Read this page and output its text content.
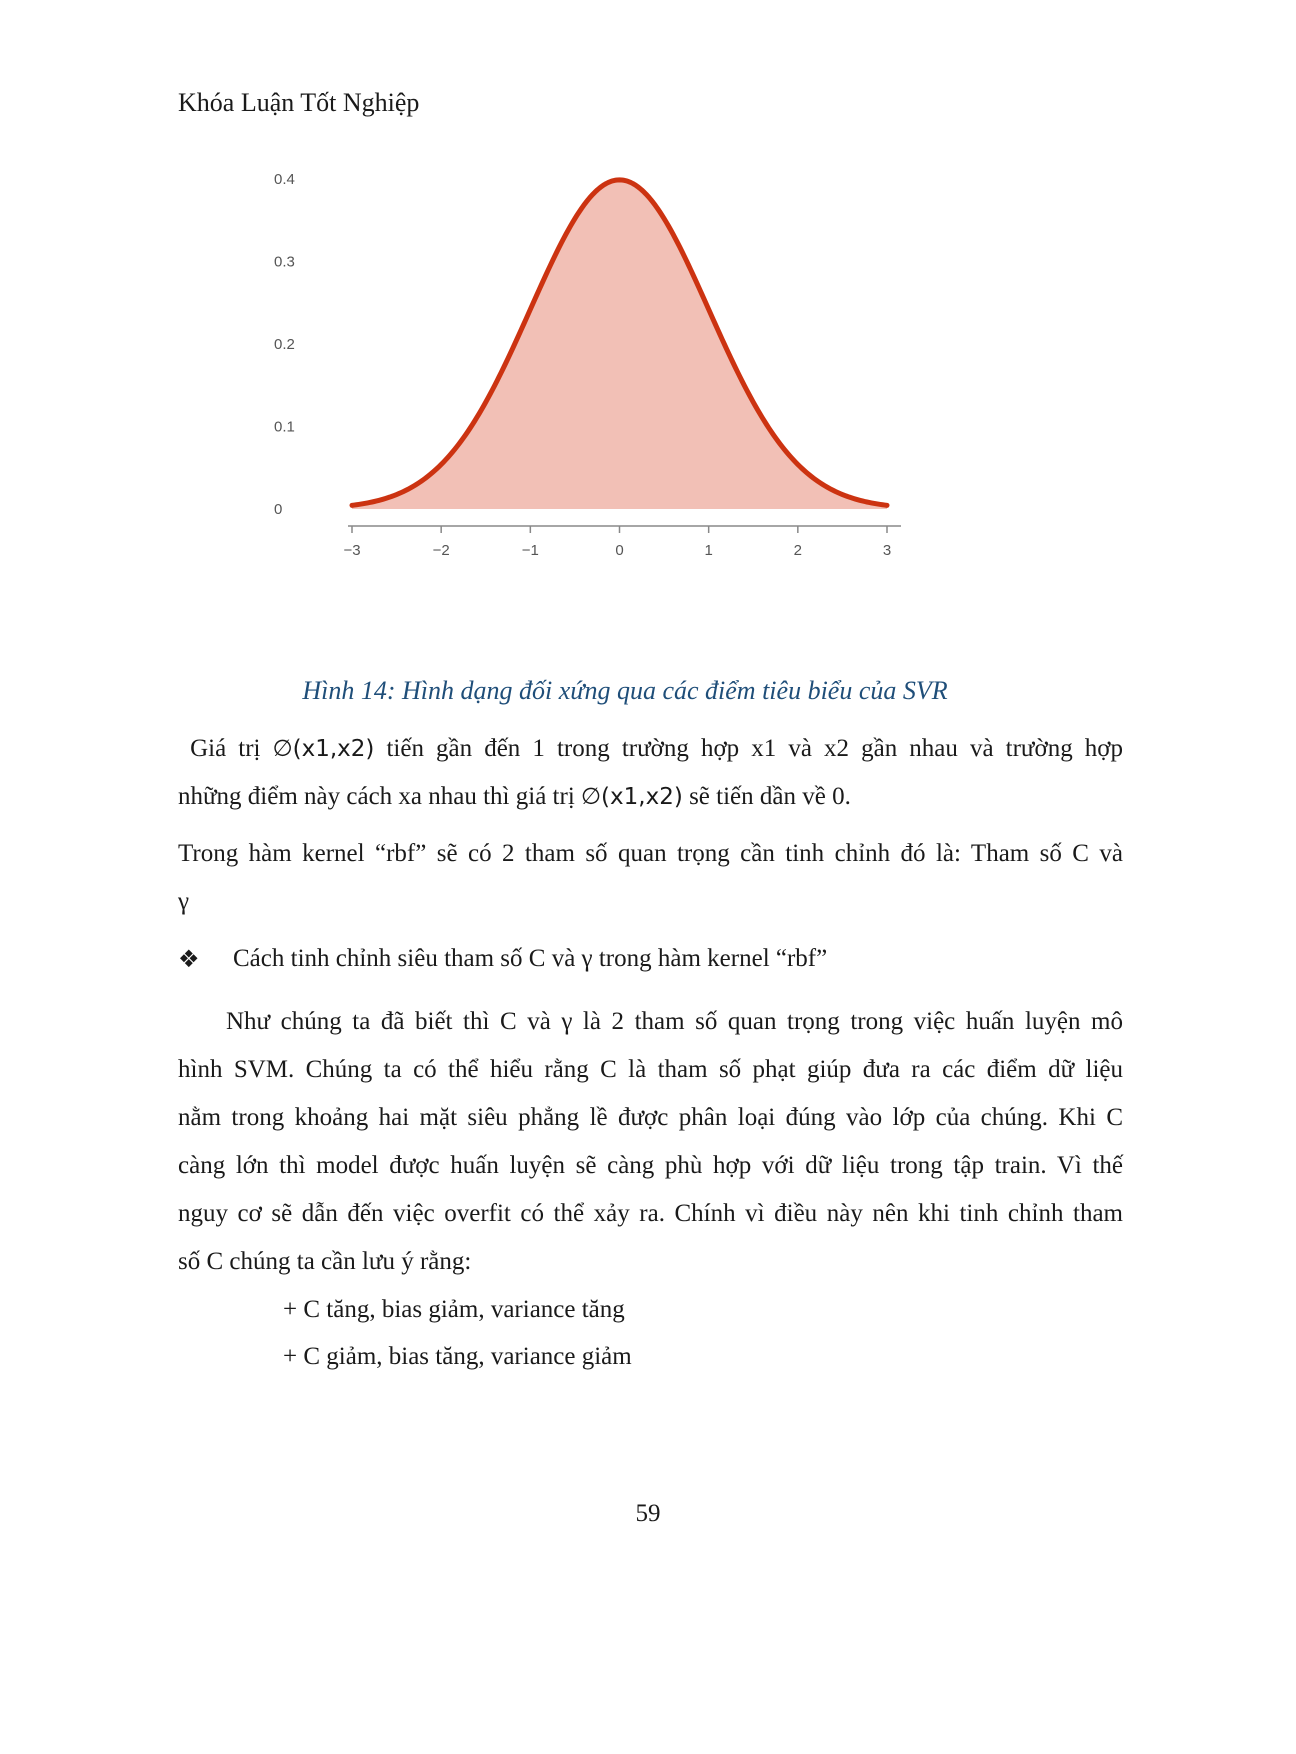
Khóa Luận Tốt Nghiệp
−3	−2	−1	0	1	2	3
0
0.1
0.2
0.3
0.4
Hình 14: Hình dạng đối xứng qua các điểm tiêu biểu của SVR
Giá trị ∅(x1,x2) tiến gần đến 1 trong trường hợp x1 và x2 gần nhau và trường hợp
những điểm này cách xa nhau thì giá trị ∅(x1,x2) sẽ tiến dần về 0.
Trong hàm kernel “rbf” sẽ có 2 tham số quan trọng cần tinh chỉnh đó là: Tham số C và
γ
❖ Cách tinh chỉnh siêu tham số C và γ trong hàm kernel “rbf”
Như chúng ta đã biết thì C và γ là 2 tham số quan trọng trong việc huấn luyện mô
hình SVM. Chúng ta có thể hiểu rằng C là tham số phạt giúp đưa ra các điểm dữ liệu
nằm trong khoảng hai mặt siêu phẳng lề được phân loại đúng vào lớp của chúng. Khi C
càng lớn thì model được huấn luyện sẽ càng phù hợp với dữ liệu trong tập train. Vì thế
nguy cơ sẽ dẫn đến việc overfit có thể xảy ra. Chính vì điều này nên khi tinh chỉnh tham
số C chúng ta cần lưu ý rằng:
+ C tăng, bias giảm, variance tăng
+ C giảm, bias tăng, variance giảm
59
